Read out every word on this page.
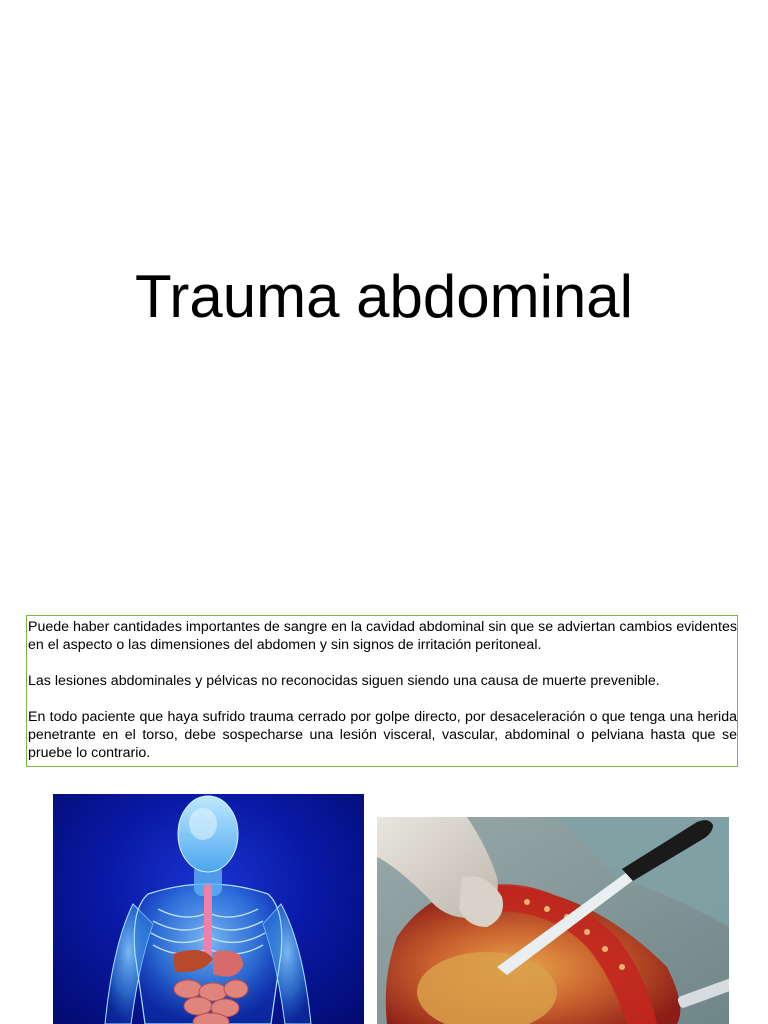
Trauma abdominal

Puede haber cantidades importantes de sangre en la cavidad abdominal sin que se adviertan cambios evidentes en el aspecto o las dimensiones del abdomen y sin signos de irritación peritoneal.

Las lesiones abdominales y pélvicas no reconocidas siguen siendo una causa de muerte prevenible.

En todo paciente que haya sufrido trauma cerrado por golpe directo, por desaceleración o que tenga una herida penetrante en el torso, debe sospecharse una lesión visceral, vascular, abdominal o pelviana hasta que se pruebe lo contrario.
